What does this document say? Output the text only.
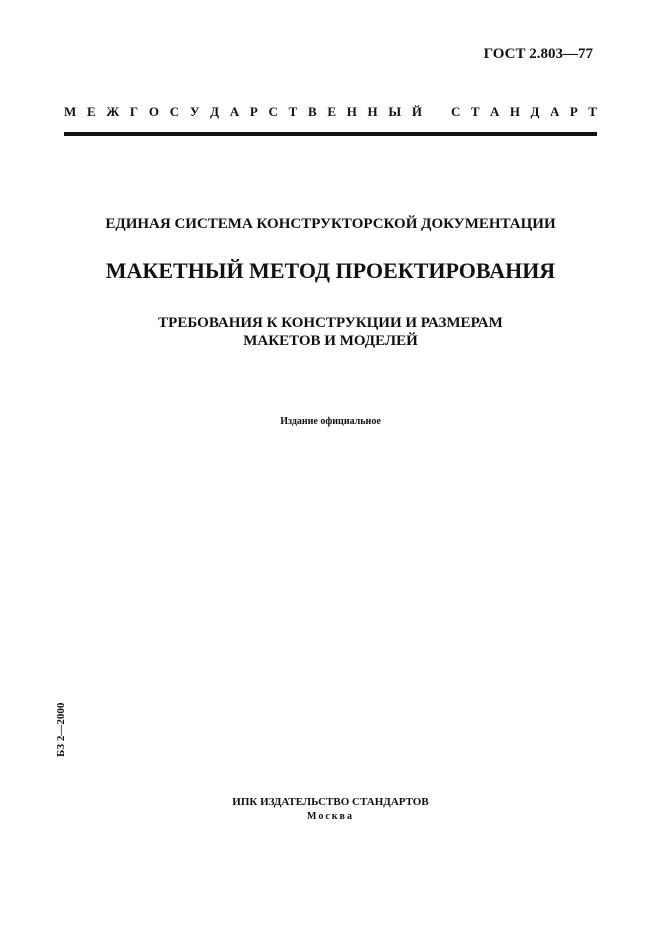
ГОСТ 2.803—77
М Е Ж Г О С У Д А Р С Т В Е Н Н Ы Й С Т А Н Д А Р Т
ЕДИНАЯ СИСТЕМА КОНСТРУКТОРСКОЙ ДОКУМЕНТАЦИИ
МАКЕТНЫЙ МЕТОД ПРОЕКТИРОВАНИЯ
ТРЕБОВАНИЯ К КОНСТРУКЦИИ И РАЗМЕРАМ
МАКЕТОВ И МОДЕЛЕЙ
Издание официальное
БЗ 2—2000
ИПК ИЗДАТЕЛЬСТВО СТАНДАРТОВ
Москва
